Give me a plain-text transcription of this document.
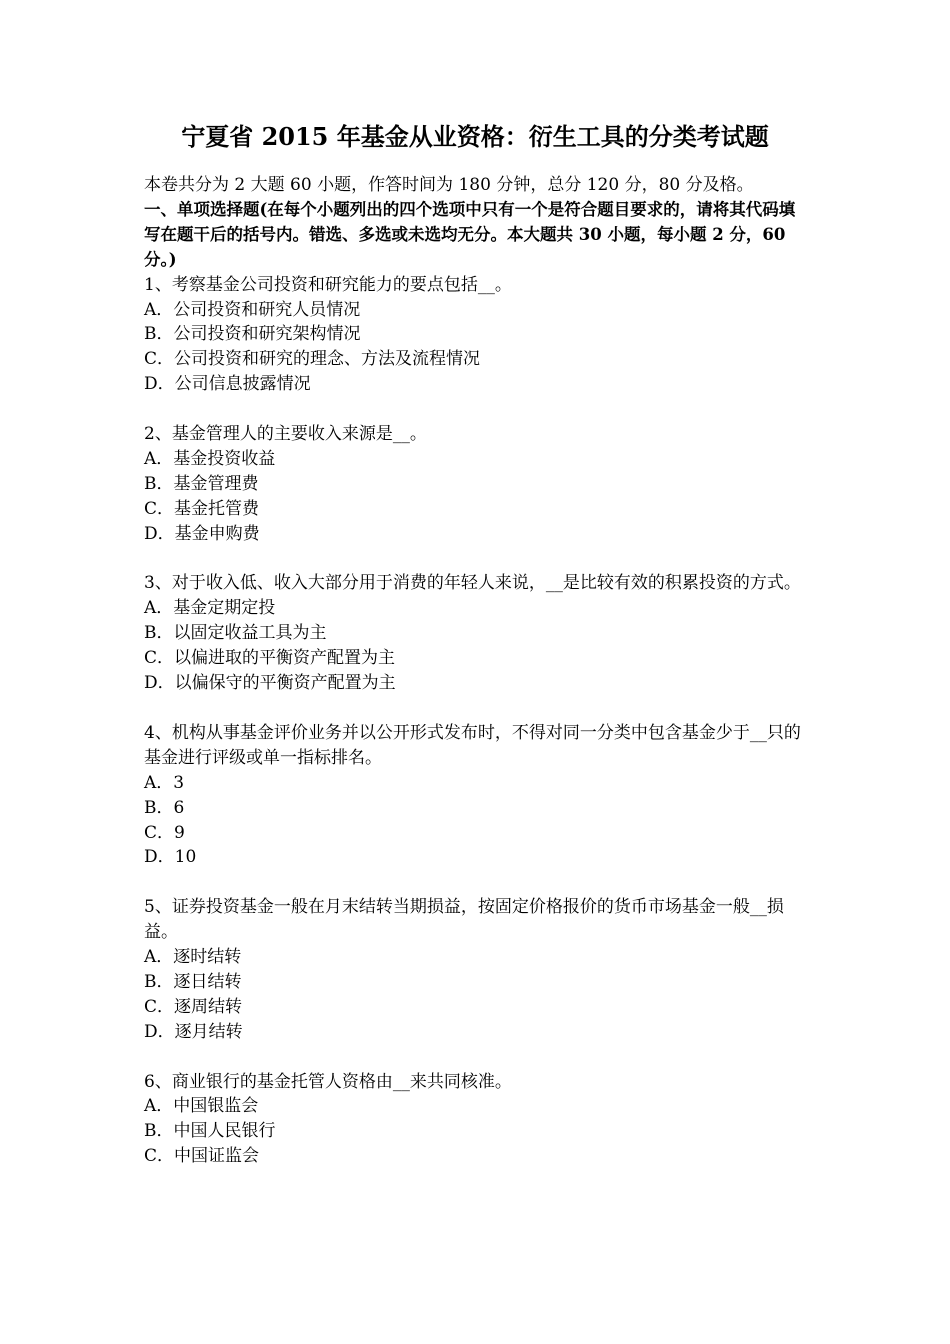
宁夏省 2015 年基金从业资格：衍生工具的分类考试题
本卷共分为 2 大题 60 小题，作答时间为 180 分钟，总分 120 分，80 分及格。
一、单项选择题(在每个小题列出的四个选项中只有一个是符合题目要求的，请将其代码填写在题干后的括号内。错选、多选或未选均无分。本大题共 30 小题，每小题 2 分，60 分。)
1、考察基金公司投资和研究能力的要点包括__。
A．公司投资和研究人员情况
B．公司投资和研究架构情况
C．公司投资和研究的理念、方法及流程情况
D．公司信息披露情况
2、基金管理人的主要收入来源是__。
A．基金投资收益
B．基金管理费
C．基金托管费
D．基金申购费
3、对于收入低、收入大部分用于消费的年轻人来说，__是比较有效的积累投资的方式。
A．基金定期定投
B．以固定收益工具为主
C．以偏进取的平衡资产配置为主
D．以偏保守的平衡资产配置为主
4、机构从事基金评价业务并以公开形式发布时，不得对同一分类中包含基金少于__只的基金进行评级或单一指标排名。
A．3
B．6
C．9
D．10
5、证券投资基金一般在月末结转当期损益，按固定价格报价的货币市场基金一般__损益。
A．逐时结转
B．逐日结转
C．逐周结转
D．逐月结转
6、商业银行的基金托管人资格由__来共同核准。
A．中国银监会
B．中国人民银行
C．中国证监会
